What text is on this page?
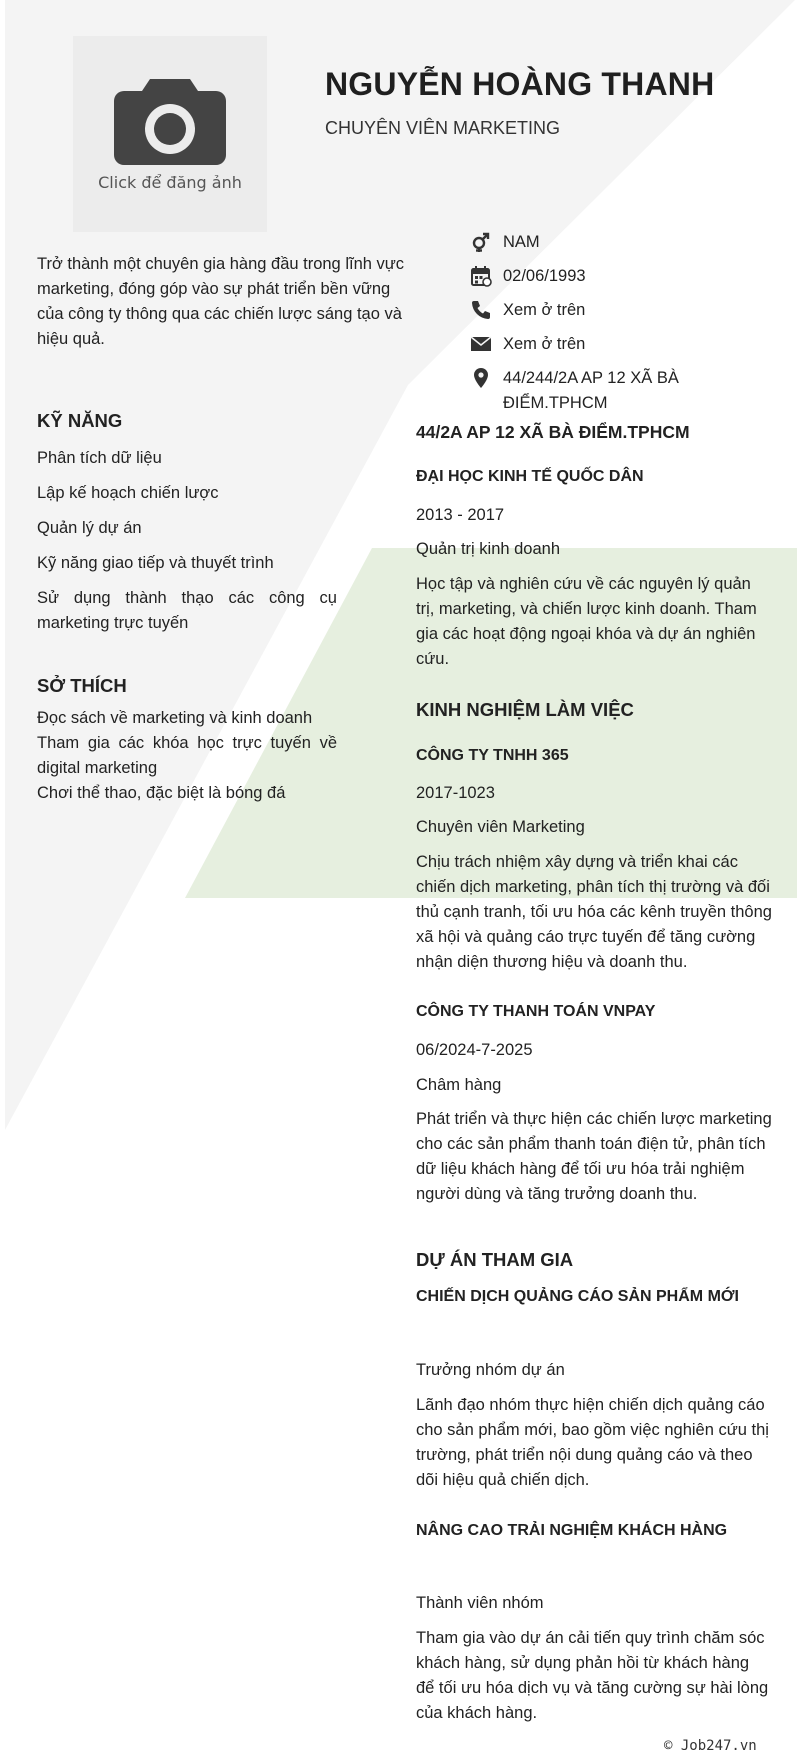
Click để đăng ảnh
NGUYỄN HOÀNG THANH
CHUYÊN VIÊN MARKETING
Trở thành một chuyên gia hàng đầu trong lĩnh vực marketing, đóng góp vào sự phát triển bền vững của công ty thông qua các chiến lược sáng tạo và hiệu quả.
NAM
02/06/1993
Xem ở trên
Xem ở trên
44/244/2A AP 12 XÃ BÀ ĐIỂM.TPHCM
KỸ NĂNG
Phân tích dữ liệu
Lập kế hoạch chiến lược
Quản lý dự án
Kỹ năng giao tiếp và thuyết trình
Sử dụng thành thạo các công cụ marketing trực tuyến
SỞ THÍCH
Đọc sách về marketing và kinh doanh
Tham gia các khóa học trực tuyến về digital marketing
Chơi thể thao, đặc biệt là bóng đá
44/2A AP 12 XÃ BÀ ĐIỂM.TPHCM
ĐẠI HỌC KINH TẾ QUỐC DÂN
2013 - 2017
Quản trị kinh doanh
Học tập và nghiên cứu về các nguyên lý quản trị, marketing, và chiến lược kinh doanh. Tham gia các hoạt động ngoại khóa và dự án nghiên cứu.
KINH NGHIỆM LÀM VIỆC
CÔNG TY TNHH 365
2017-1023
Chuyên viên Marketing
Chịu trách nhiệm xây dựng và triển khai các chiến dịch marketing, phân tích thị trường và đối thủ cạnh tranh, tối ưu hóa các kênh truyền thông xã hội và quảng cáo trực tuyến để tăng cường nhận diện thương hiệu và doanh thu.
CÔNG TY THANH TOÁN VNPAY
06/2024-7-2025
Châm hàng
Phát triển và thực hiện các chiến lược marketing cho các sản phẩm thanh toán điện tử, phân tích dữ liệu khách hàng để tối ưu hóa trải nghiệm người dùng và tăng trưởng doanh thu.
DỰ ÁN THAM GIA
CHIẾN DỊCH QUẢNG CÁO SẢN PHẨM MỚI
Trưởng nhóm dự án
Lãnh đạo nhóm thực hiện chiến dịch quảng cáo cho sản phẩm mới, bao gồm việc nghiên cứu thị trường, phát triển nội dung quảng cáo và theo dõi hiệu quả chiến dịch.
NÂNG CAO TRẢI NGHIỆM KHÁCH HÀNG
Thành viên nhóm
Tham gia vào dự án cải tiến quy trình chăm sóc khách hàng, sử dụng phản hồi từ khách hàng để tối ưu hóa dịch vụ và tăng cường sự hài lòng của khách hàng.
© Job247.vn
